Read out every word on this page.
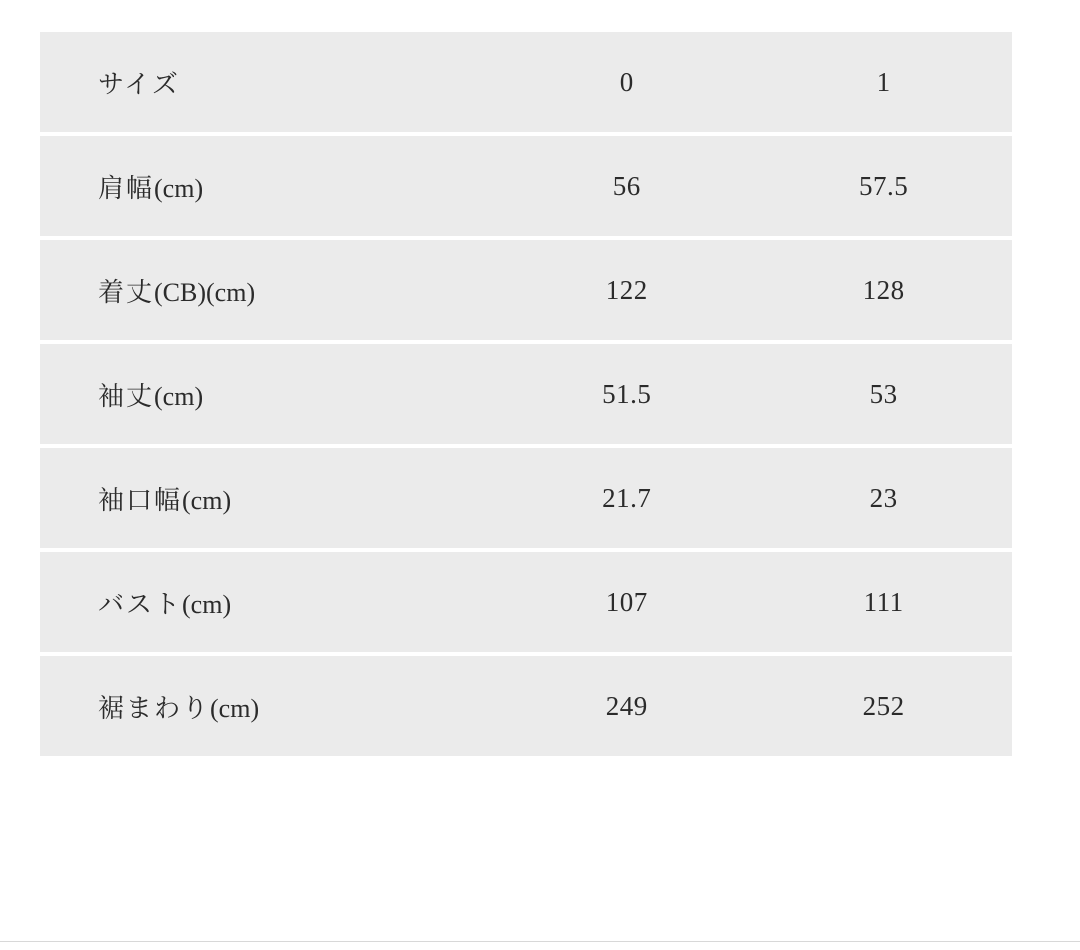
サイズ	0	1
肩幅(cm)	56	57.5
着丈(CB)(cm)	122	128
袖丈(cm)	51.5	53
袖口幅(cm)	21.7	23
バスト(cm)	107	111
裾まわり(cm)	249	252
